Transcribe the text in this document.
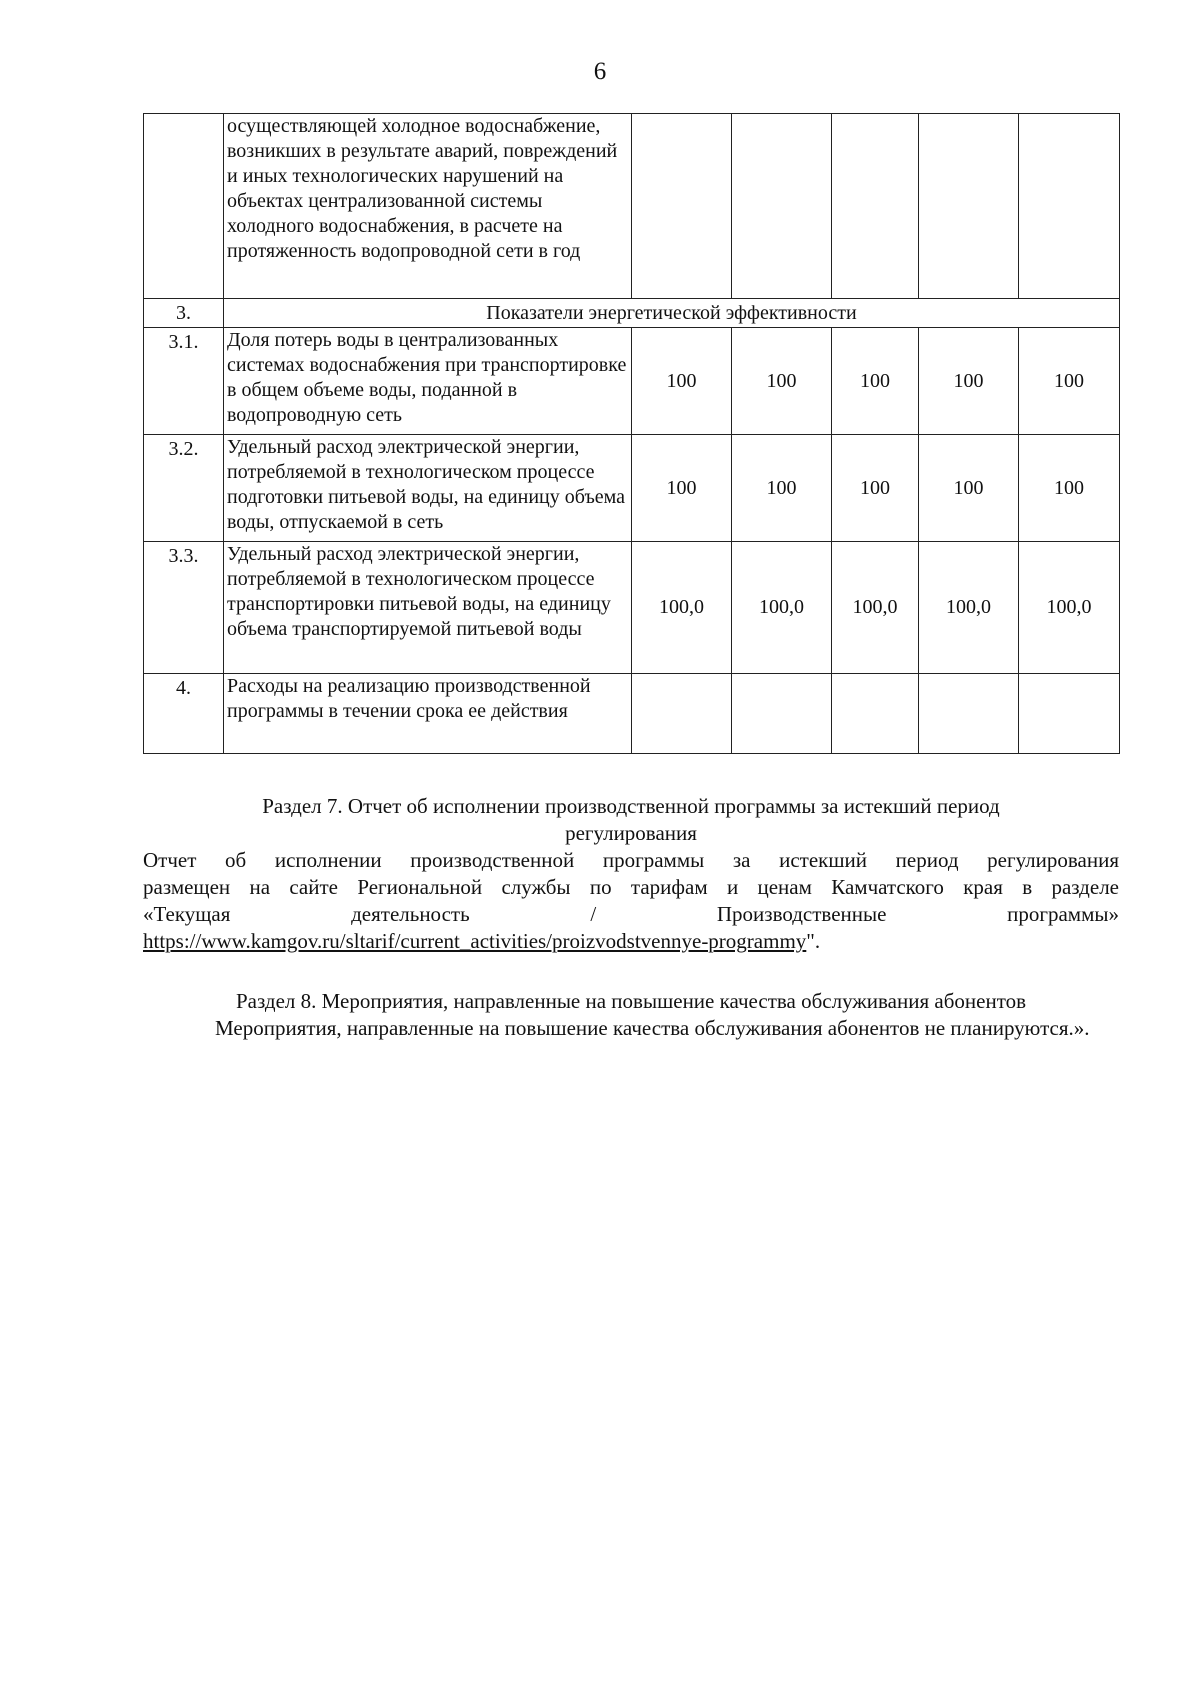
6
	осуществляющей холодное водоснабжение, возникших в результате аварий, повреждений и иных технологических нарушений на объектах централизованной системы холодного водоснабжения, в расчете на протяженность водопроводной сети в год					
3.	Показатели энергетической эффективности					
3.1.	Доля потерь воды в централизованных системах водоснабжения при транспортировке в общем объеме воды, поданной в водопроводную сеть	100	100	100	100	100
3.2.	Удельный расход электрической энергии, потребляемой в технологическом процессе подготовки питьевой воды, на единицу объема воды, отпускаемой в сеть	100	100	100	100	100
3.3.	Удельный расход электрической энергии, потребляемой в технологическом процессе транспортировки питьевой воды, на единицу объема транспортируемой питьевой воды	100,0	100,0	100,0	100,0	100,0
4.	Расходы на реализацию производственной программы в течении срока ее действия					
Раздел 7. Отчет об исполнении производственной программы за истекший период
регулирования
Отчет об исполнении производственной программы за истекший период регулирования
размещен на сайте Региональной службы по тарифам и ценам Камчатского края в разделе
«Текущая деятельность / Производственные программы»
https://www.kamgov.ru/sltarif/current_activities/proizvodstvennye-programmy".
Раздел 8. Мероприятия, направленные на повышение качества обслуживания абонентов
Мероприятия, направленные на повышение качества обслуживания абонентов не планируются.».
